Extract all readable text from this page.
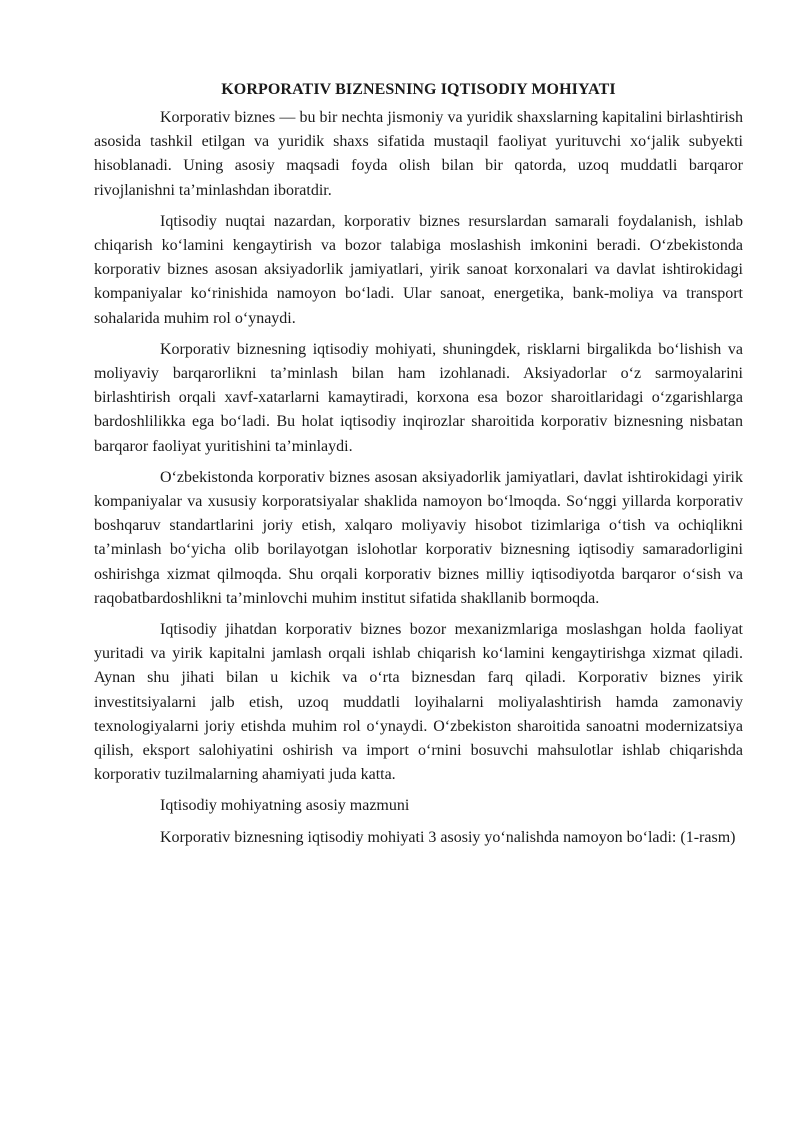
KORPORATIV BIZNESNING IQTISODIY MOHIYATI

Korporativ biznes — bu bir nechta jismoniy va yuridik shaxslarning kapitalini birlashtirish asosida tashkil etilgan va yuridik shaxs sifatida mustaqil faoliyat yurituvchi xo‘jalik subyekti hisoblanadi. Uning asosiy maqsadi foyda olish bilan bir qatorda, uzoq muddatli barqaror rivojlanishni ta’minlashdan iboratdir.

Iqtisodiy nuqtai nazardan, korporativ biznes resurslardan samarali foydalanish, ishlab chiqarish ko‘lamini kengaytirish va bozor talabiga moslashish imkonini beradi. O‘zbekistonda korporativ biznes asosan aksiyadorlik jamiyatlari, yirik sanoat korxonalari va davlat ishtirokidagi kompaniyalar ko‘rinishida namoyon bo‘ladi. Ular sanoat, energetika, bank-moliya va transport sohalarida muhim rol o‘ynaydi.

Korporativ biznesning iqtisodiy mohiyati, shuningdek, risklarni birgalikda bo‘lishish va moliyaviy barqarorlikni ta’minlash bilan ham izohlanadi. Aksiyadorlar o‘z sarmoyalarini birlashtirish orqali xavf-xatarlarni kamaytiradi, korxona esa bozor sharoitlaridagi o‘zgarishlarga bardoshlilikka ega bo‘ladi. Bu holat iqtisodiy inqirozlar sharoitida korporativ biznesning nisbatan barqaror faoliyat yuritishini ta’minlaydi.

O‘zbekistonda korporativ biznes asosan aksiyadorlik jamiyatlari, davlat ishtirokidagi yirik kompaniyalar va xususiy korporatsiyalar shaklida namoyon bo‘lmoqda. So‘nggi yillarda korporativ boshqaruv standartlarini joriy etish, xalqaro moliyaviy hisobot tizimlariga o‘tish va ochiqlikni ta’minlash bo‘yicha olib borilayotgan islohotlar korporativ biznesning iqtisodiy samaradorligini oshirishga xizmat qilmoqda. Shu orqali korporativ biznes milliy iqtisodiyotda barqaror o‘sish va raqobatbardoshlikni ta’minlovchi muhim institut sifatida shakllanib bormoqda.

Iqtisodiy jihatdan korporativ biznes bozor mexanizmlariga moslashgan holda faoliyat yuritadi va yirik kapitalni jamlash orqali ishlab chiqarish ko‘lamini kengaytirishga xizmat qiladi. Aynan shu jihati bilan u kichik va o‘rta biznesdan farq qiladi. Korporativ biznes yirik investitsiyalarni jalb etish, uzoq muddatli loyihalarni moliyalashtirish hamda zamonaviy texnologiyalarni joriy etishda muhim rol o‘ynaydi. O‘zbekiston sharoitida sanoatni modernizatsiya qilish, eksport salohiyatini oshirish va import o‘rnini bosuvchi mahsulotlar ishlab chiqarishda korporativ tuzilmalarning ahamiyati juda katta.

Iqtisodiy mohiyatning asosiy mazmuni

Korporativ biznesning iqtisodiy mohiyati 3 asosiy yo‘nalishda namoyon bo‘ladi: (1-rasm)
